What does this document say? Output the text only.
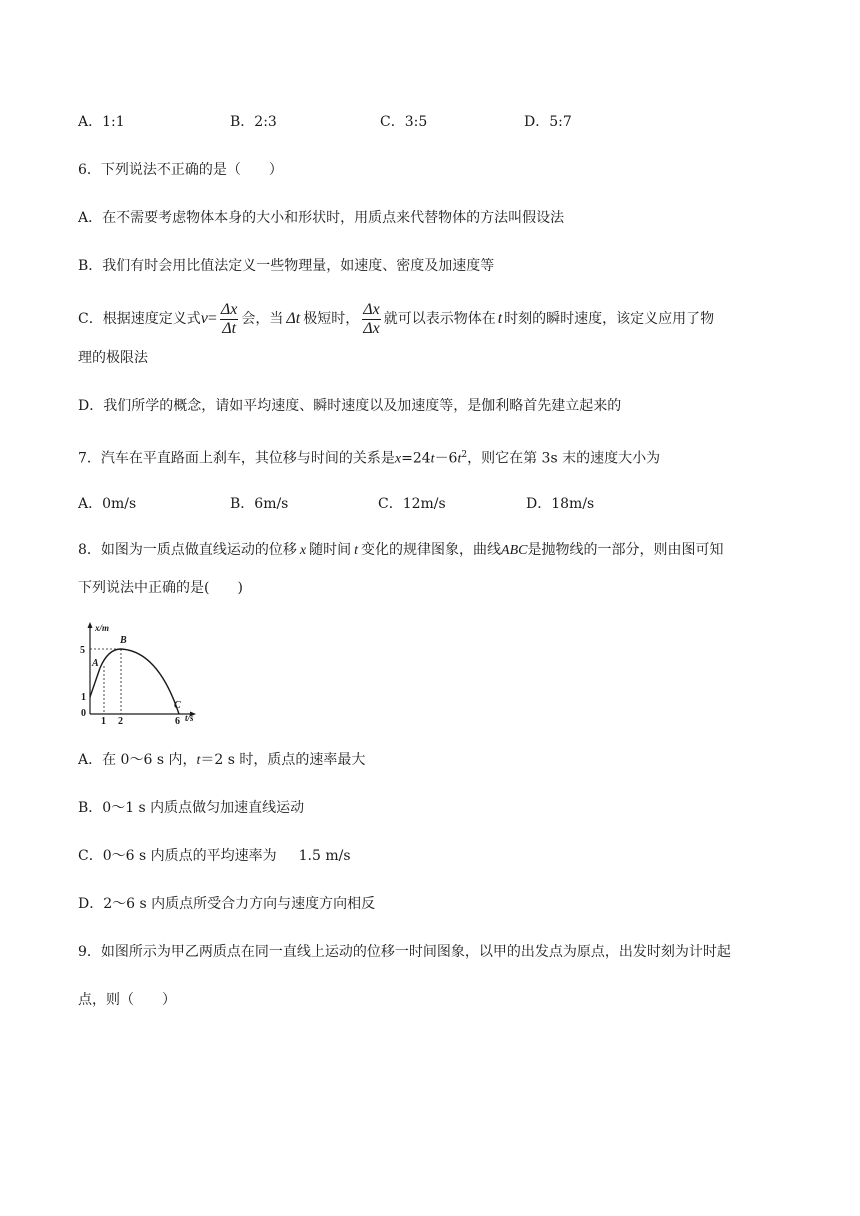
A．1:1	B．2:3	C．3:5	D．5:7
6．下列说法不正确的是（　　）
A．在不需要考虑物体本身的大小和形状时，用质点来代替物体的方法叫假设法
B．我们有时会用比值法定义一些物理量，如速度、密度及加速度等
C．根据速度定义式$v= \frac{\Delta x}{\Delta t}$ 会，当 Δt 极短时， $\frac{\Delta x}{\Delta x}$ 就可以表示物体在 t 时刻的瞬时速度，该定义应用了物
理的极限法
D．我们所学的概念，请如平均速度、瞬时速度以及加速度等，是伽利略首先建立起来的
7．汽车在平直路面上刹车，其位移与时间的关系是$x=24t-6t^2$，则它在第 3s 末的速度大小为
A．0m/s	B．6m/s	C．12m/s	D．18m/s
8．如图为一质点做直线运动的位移 x 随时间 t 变化的规律图象，曲线ABC是抛物线的一部分，则由图可知
下列说法中正确的是(　　)
x/m
t/s
5
1
0
1 2	6
A
B
C
A．在 0～6 s 内，t＝2 s 时，质点的速率最大
B．0～1 s 内质点做匀加速直线运动
C．0～6 s 内质点的平均速率为 1.5 m/s
D．2～6 s 内质点所受合力方向与速度方向相反
9．如图所示为甲乙两质点在同一直线上运动的位移一时间图象，以甲的出发点为原点，出发时刻为计时起
点，则（　　）
